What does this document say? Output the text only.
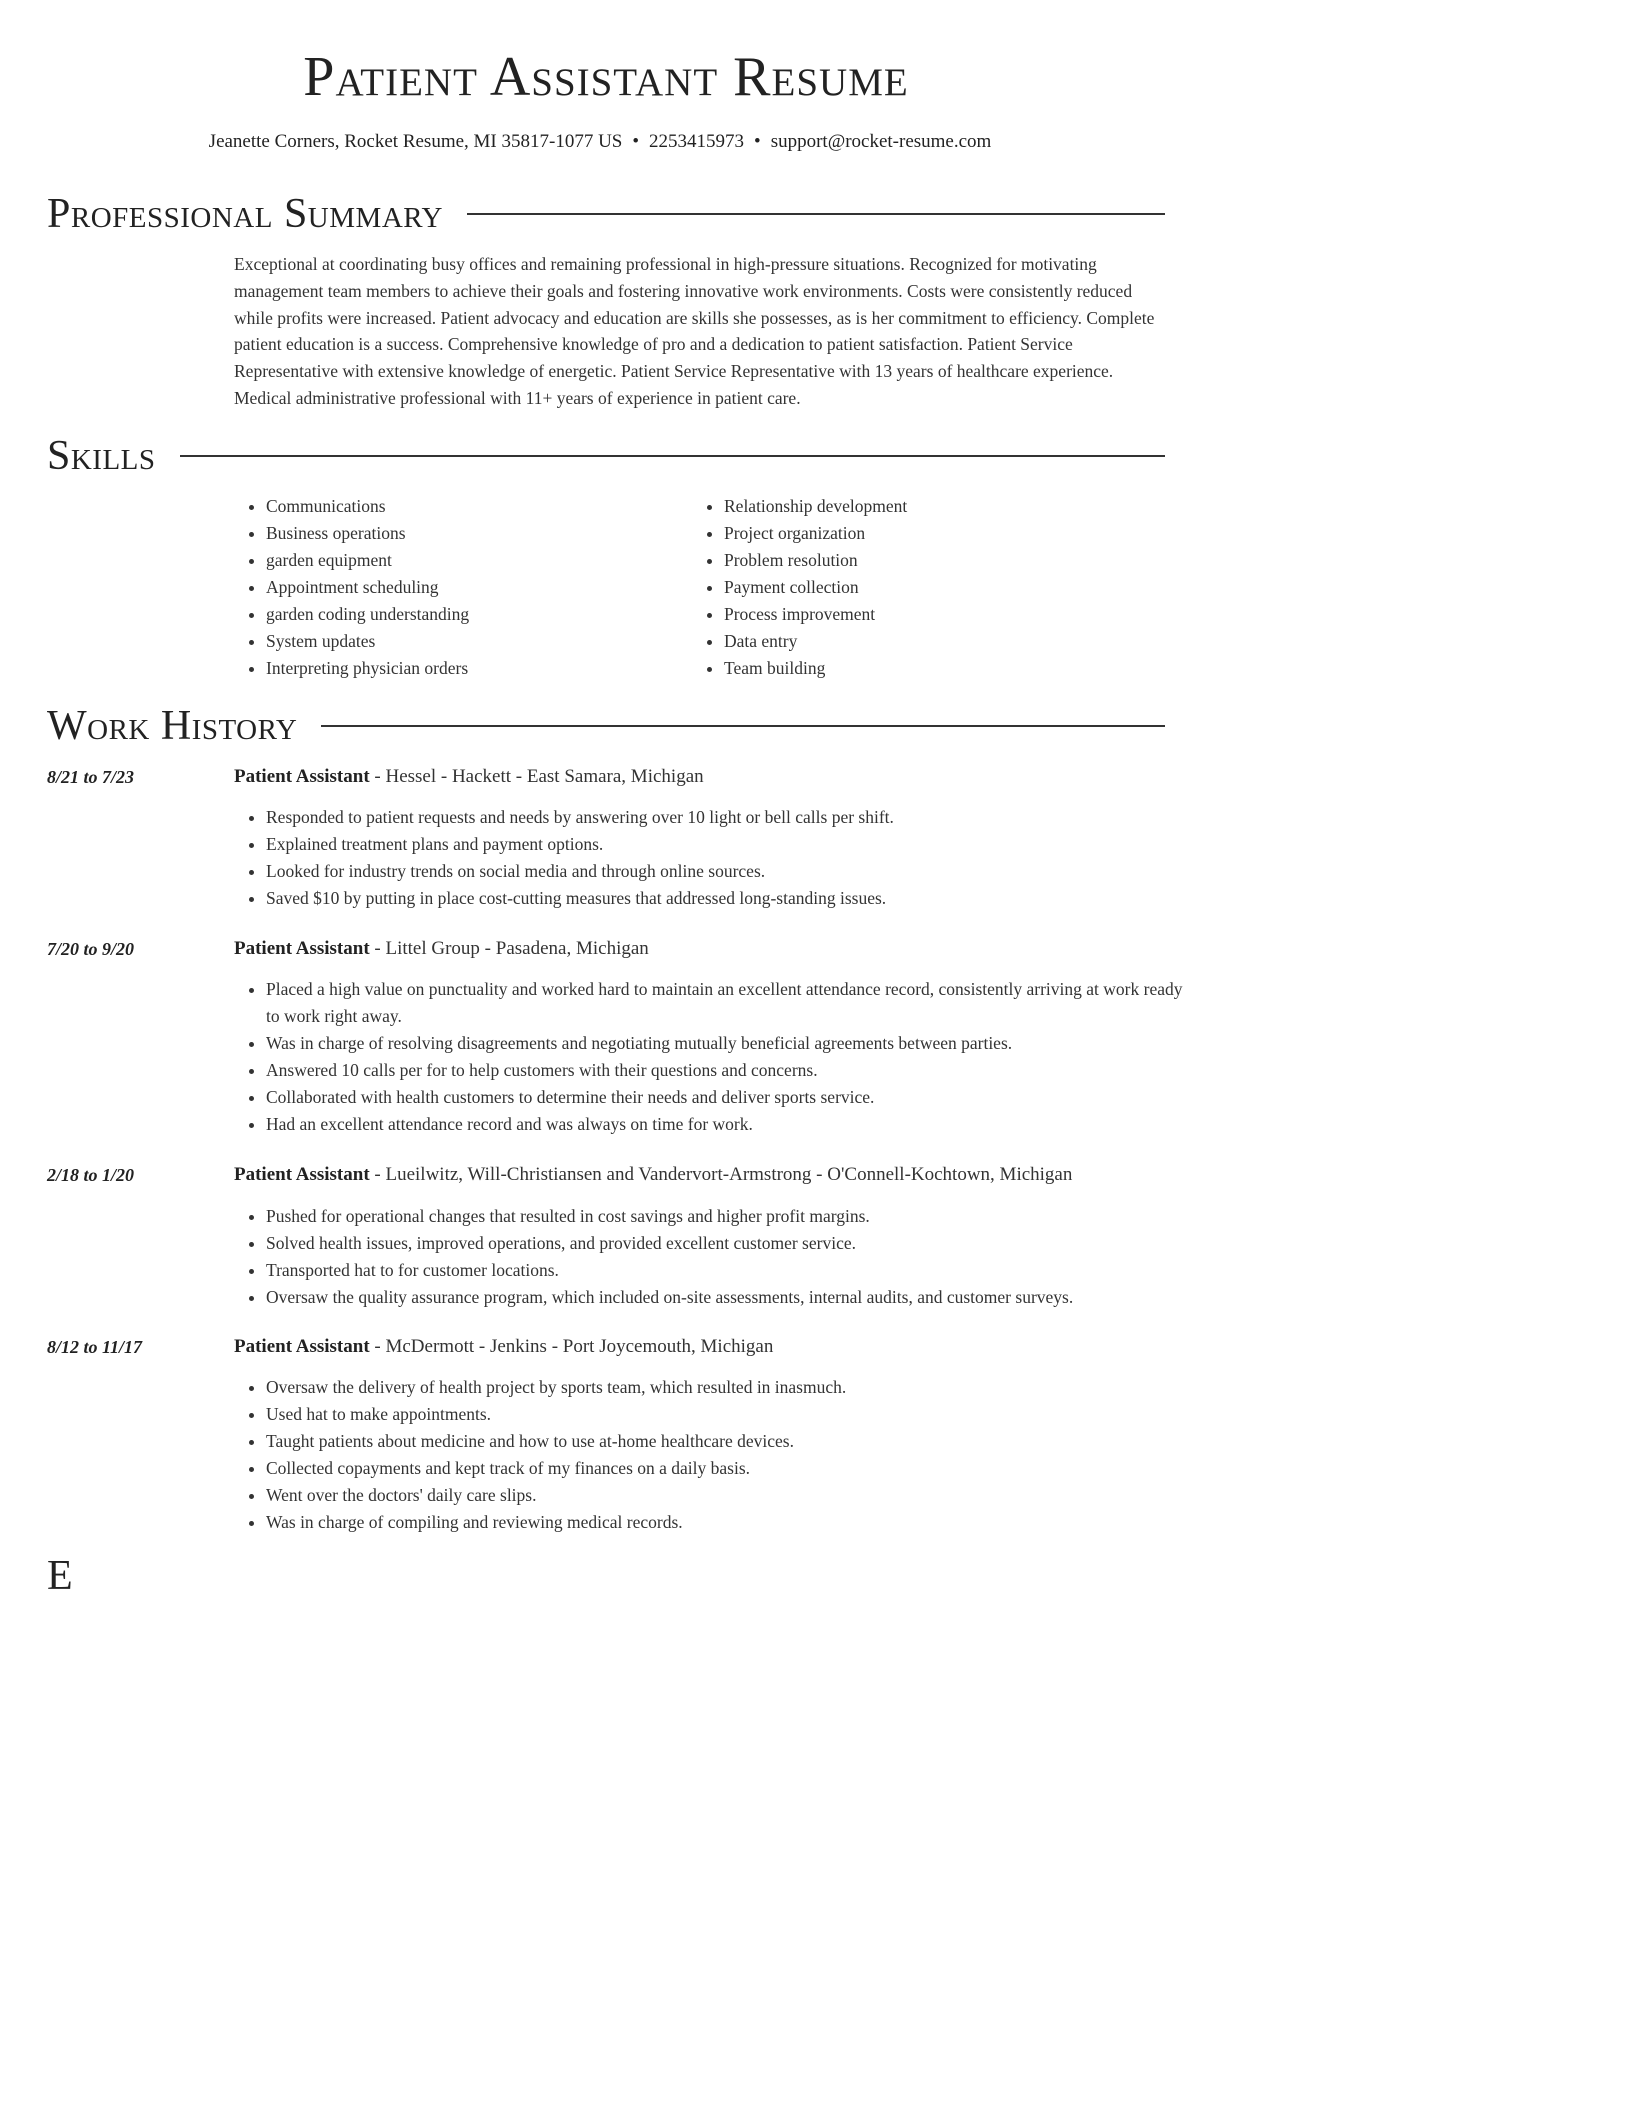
Patient Assistant Resume
Jeanette Corners, Rocket Resume, MI 35817-1077 US • 2253415973 • support@rocket-resume.com
Professional Summary

Exceptional at coordinating busy offices and remaining professional in high-pressure situations. Recognized for motivating management team members to achieve their goals and fostering innovative work environments. Costs were consistently reduced while profits were increased. Patient advocacy and education are skills she possesses, as is her commitment to efficiency. Complete patient education is a success. Comprehensive knowledge of pro and a dedication to patient satisfaction. Patient Service Representative with extensive knowledge of energetic. Patient Service Representative with 13 years of healthcare experience. Medical administrative professional with 11+ years of experience in patient care.

Skills
• Communications
• Business operations
• garden equipment
• Appointment scheduling
• garden coding understanding
• System updates
• Interpreting physician orders
• Relationship development
• Project organization
• Problem resolution
• Payment collection
• Process improvement
• Data entry
• Team building
Work History
8/21 to 7/23	Patient Assistant - Hessel - Hackett - East Samara, Michigan
• Responded to patient requests and needs by answering over 10 light or bell calls per shift.
• Explained treatment plans and payment options.
• Looked for industry trends on social media and through online sources.
• Saved $10 by putting in place cost-cutting measures that addressed long-standing issues.
7/20 to 9/20	Patient Assistant - Littel Group - Pasadena, Michigan
• Placed a high value on punctuality and worked hard to maintain an excellent attendance record, consistently arriving at work ready to work right away.
• Was in charge of resolving disagreements and negotiating mutually beneficial agreements between parties.
• Answered 10 calls per for to help customers with their questions and concerns.
• Collaborated with health customers to determine their needs and deliver sports service.
• Had an excellent attendance record and was always on time for work.
2/18 to 1/20	Patient Assistant - Lueilwitz, Will-Christiansen and Vandervort-Armstrong - O'Connell-Kochtown, Michigan
• Pushed for operational changes that resulted in cost savings and higher profit margins.
• Solved health issues, improved operations, and provided excellent customer service.
• Transported hat to for customer locations.
• Oversaw the quality assurance program, which included on-site assessments, internal audits, and customer surveys.
8/12 to 11/17	Patient Assistant - McDermott - Jenkins - Port Joycemouth, Michigan
• Oversaw the delivery of health project by sports team, which resulted in inasmuch.
• Used hat to make appointments.
• Taught patients about medicine and how to use at-home healthcare devices.
• Collected copayments and kept track of my finances on a daily basis.
• Went over the doctors' daily care slips.
• Was in charge of compiling and reviewing medical records.
E
